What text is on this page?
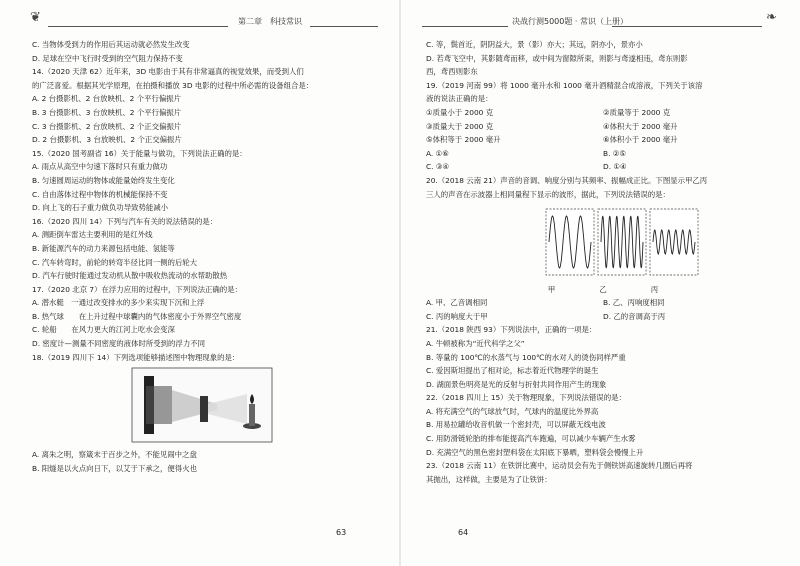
❦	第二章　科技常识
C. 当物体受到力的作用后其运动就必然发生改变
D. 足球在空中飞行时受到的空气阻力保持不变
14.（2020 天津 62）近年来，3D 电影由于其有非常逼真的视觉效果，而受到人们
的广泛喜爱。根据其光学原理，在拍摄和播放 3D 电影的过程中所必需的设备组合是：
A. 2 台摄影机、2 台放映机、2 个平行偏振片
B. 3 台摄影机、3 台放映机、2 个平行偏振片
C. 3 台摄影机、2 台放映机、2 个正交偏振片
D. 2 台摄影机、3 台放映机、2 个正交偏振片
15.（2020 国考副省 16）关于能量与做功，下列说法正确的是：
A. 雨点从高空中匀速下落时只有重力做功
B. 匀速圆周运动的物体或能量始终发生变化
C. 自由落体过程中物体的机械能保持不变
D. 向上飞的石子重力做负功导致势能减小
16.（2020 四川 14）下列与汽车有关的说法错误的是：
A. 测距倒车雷达主要利用的是红外线
B. 新能源汽车的动力来源包括电能、氢能等
C. 汽车转弯时，前轮的转弯半径比同一侧的后轮大
D. 汽车行驶时能通过发动机从散中吸收热流动的水帮助散热
17.（2020 北京 7）在浮力应用的过程中，下列说法正确的是：
A. 潜水艇　一通过改变排水的多少来实现下沉和上浮
B. 热气球　　在上升过程中球囊内的气体密度小于外界空气密度
C. 轮船　　在风力更大的江河上吃水会变深
D. 密度计—测量不同密度的液体时所受到的浮力不同
18.（2019 四川下 14）下列选项能够描述图中物理现象的是：
A. 离朱之明，察箴末于百步之外，不能见闹中之盘
B. 阳燧是以火点向日下，以艾于下承之，便得火也
63
决战行测5000题 · 常识（上册）	❧
C. 等，鬓首近，阴阴益大，景（影）亦大；其远，阴亦小，景亦小
D. 若鸢飞空中，其影随鸢而移，或中间为窗隙所束，则影与鸢遂相违，鸢东则影
西，鸢西则影东
19.（2019 河南 99）将 1000 毫升水和 1000 毫升酒精混合成溶液，下列关于该溶
液的说法正确的是：
①质量小于 2000 克	②质量等于 2000 克
③质量大于 2000 克	④体积大于 2000 毫升
⑤体积等于 2000 毫升	⑥体积小于 2000 毫升
A. ①⑥	B. ②⑤
C. ③④	D. ①④
20.（2018 云南 21）声音的音调、响度分别与其频率、振幅成正比。下图显示甲乙丙
三人的声音在示波器上相同量程下显示的波形，据此，下列说法错误的是：
甲	乙	丙
A. 甲、乙音调相同	B. 乙、丙响度相同
C. 丙的响度大于甲	D. 乙的音调高于丙
21.（2018 陕西 93）下列说法中，正确的一项是：
A. 牛顿被称为“近代科学之父”
B. 等量的 100℃的水蒸气与 100℃的水对人的烫伤同样严重
C. 爱因斯坦提出了相对论，标志着近代物理学的诞生
D. 湖面景色明亮是光的反射与折射共同作用产生的现象
22.（2018 四川上 15）关于物理现象，下列说法错误的是：
A. 将充满空气的气球放气时，气球内的温度比外界高
B. 用易拉罐给收音机做一个密封壳，可以屏蔽无线电波
C. 用防滑链轮胎的排布能提高汽车跑遍，可以减少车辆产生水雾
D. 充满空气的黑色密封塑料袋在太阳底下暴晒，塑料袋会慢慢上升
23.（2018 云南 11）在铁饼比赛中，运动员会有先于侧铁饼高速旋转几圈后再将
其抛出，这样做，主要是为了让铁饼：
64
